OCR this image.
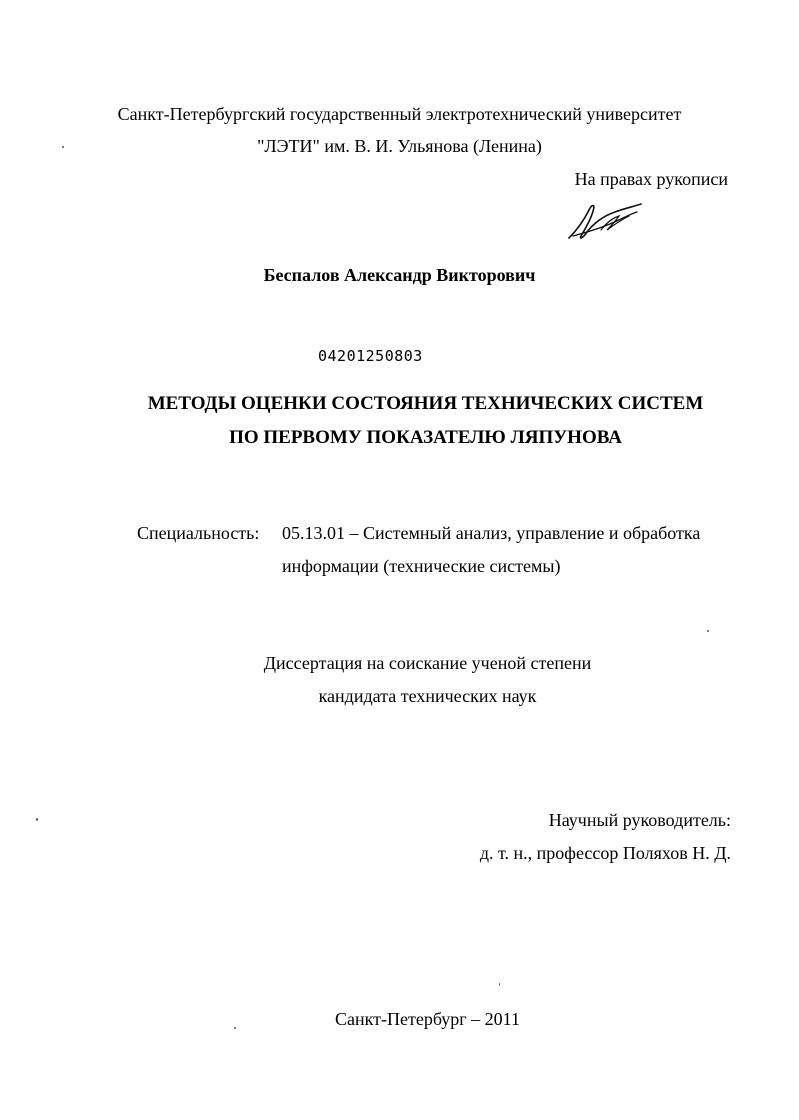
Санкт-Петербургский государственный электротехнический университет
"ЛЭТИ" им. В. И. Ульянова (Ленина)
На правах рукописи
Беспалов Александр Викторович
04201250803
МЕТОДЫ ОЦЕНКИ СОСТОЯНИЯ ТЕХНИЧЕСКИХ СИСТЕМ
ПО ПЕРВОМУ ПОКАЗАТЕЛЮ ЛЯПУНОВА
Специальность: 05.13.01 – Системный анализ, управление и обработка
информации (технические системы)
Диссертация на соискание ученой степени
кандидата технических наук
Научный руководитель:
д. т. н., профессор Поляхов Н. Д.
Санкт-Петербург – 2011
